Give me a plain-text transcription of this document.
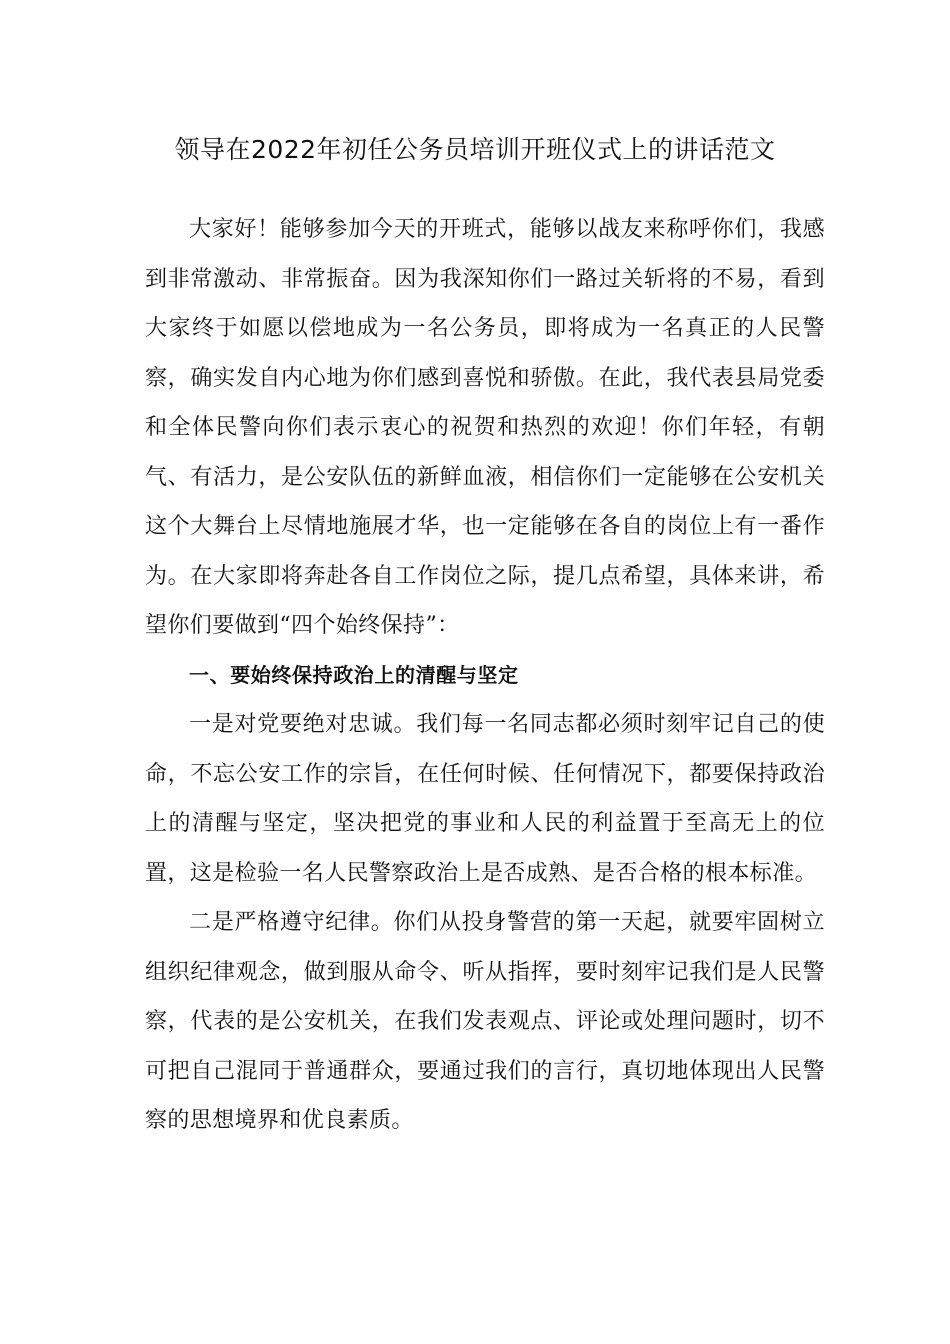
领导在2022年初任公务员培训开班仪式上的讲话范文

大家好！能够参加今天的开班式，能够以战友来称呼你们，我感到非常激动、非常振奋。因为我深知你们一路过关斩将的不易，看到大家终于如愿以偿地成为一名公务员，即将成为一名真正的人民警察，确实发自内心地为你们感到喜悦和骄傲。在此，我代表县局党委和全体民警向你们表示衷心的祝贺和热烈的欢迎！你们年轻，有朝气、有活力，是公安队伍的新鲜血液，相信你们一定能够在公安机关这个大舞台上尽情地施展才华，也一定能够在各自的岗位上有一番作为。在大家即将奔赴各自工作岗位之际，提几点希望，具体来讲，希望你们要做到“四个始终保持”：

一、要始终保持政治上的清醒与坚定

一是对党要绝对忠诚。我们每一名同志都必须时刻牢记自己的使命，不忘公安工作的宗旨，在任何时候、任何情况下，都要保持政治上的清醒与坚定，坚决把党的事业和人民的利益置于至高无上的位置，这是检验一名人民警察政治上是否成熟、是否合格的根本标准。

二是严格遵守纪律。你们从投身警营的第一天起，就要牢固树立组织纪律观念，做到服从命令、听从指挥，要时刻牢记我们是人民警察，代表的是公安机关，在我们发表观点、评论或处理问题时，切不可把自己混同于普通群众，要通过我们的言行，真切地体现出人民警察的思想境界和优良素质。
